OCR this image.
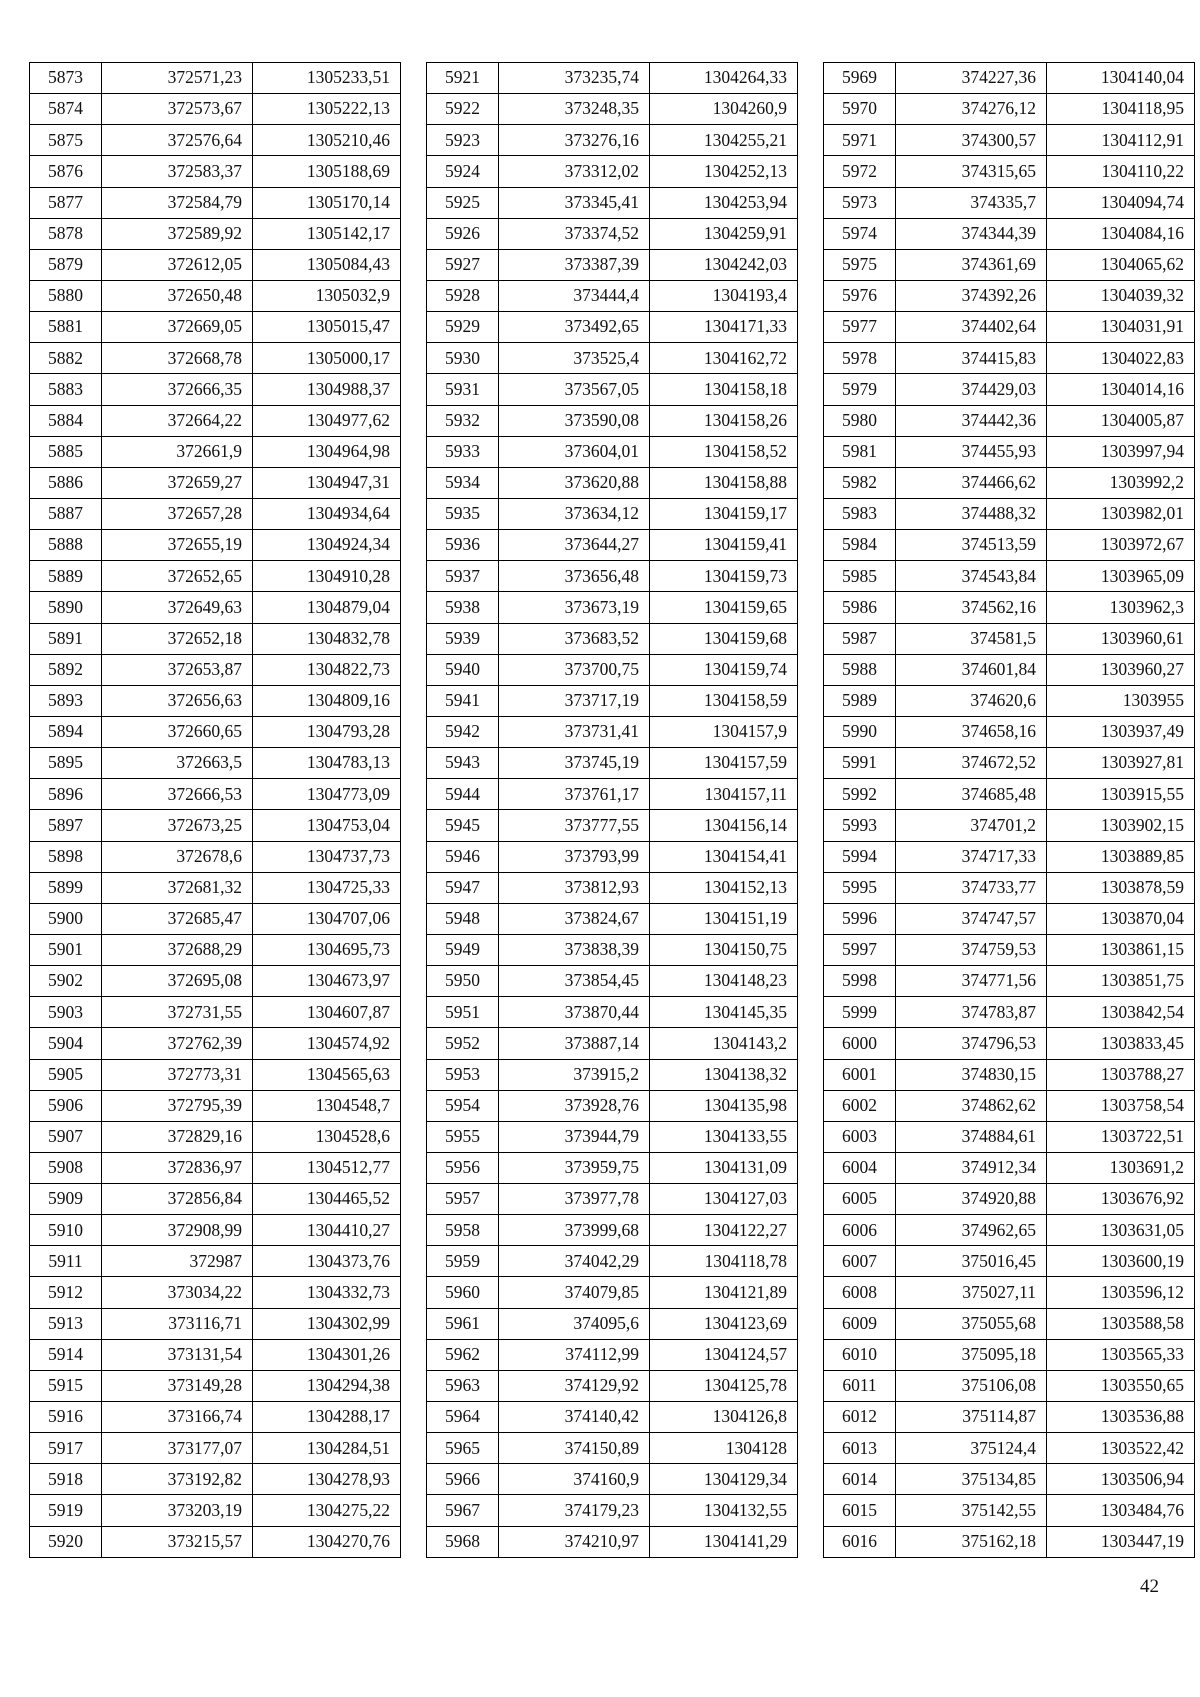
5873	372571,23	1305233,51
5874	372573,67	1305222,13
5875	372576,64	1305210,46
5876	372583,37	1305188,69
5877	372584,79	1305170,14
5878	372589,92	1305142,17
5879	372612,05	1305084,43
5880	372650,48	1305032,9
5881	372669,05	1305015,47
5882	372668,78	1305000,17
5883	372666,35	1304988,37
5884	372664,22	1304977,62
5885	372661,9	1304964,98
5886	372659,27	1304947,31
5887	372657,28	1304934,64
5888	372655,19	1304924,34
5889	372652,65	1304910,28
5890	372649,63	1304879,04
5891	372652,18	1304832,78
5892	372653,87	1304822,73
5893	372656,63	1304809,16
5894	372660,65	1304793,28
5895	372663,5	1304783,13
5896	372666,53	1304773,09
5897	372673,25	1304753,04
5898	372678,6	1304737,73
5899	372681,32	1304725,33
5900	372685,47	1304707,06
5901	372688,29	1304695,73
5902	372695,08	1304673,97
5903	372731,55	1304607,87
5904	372762,39	1304574,92
5905	372773,31	1304565,63
5906	372795,39	1304548,7
5907	372829,16	1304528,6
5908	372836,97	1304512,77
5909	372856,84	1304465,52
5910	372908,99	1304410,27
5911	372987	1304373,76
5912	373034,22	1304332,73
5913	373116,71	1304302,99
5914	373131,54	1304301,26
5915	373149,28	1304294,38
5916	373166,74	1304288,17
5917	373177,07	1304284,51
5918	373192,82	1304278,93
5919	373203,19	1304275,22
5920	373215,57	1304270,76
5921	373235,74	1304264,33
5922	373248,35	1304260,9
5923	373276,16	1304255,21
5924	373312,02	1304252,13
5925	373345,41	1304253,94
5926	373374,52	1304259,91
5927	373387,39	1304242,03
5928	373444,4	1304193,4
5929	373492,65	1304171,33
5930	373525,4	1304162,72
5931	373567,05	1304158,18
5932	373590,08	1304158,26
5933	373604,01	1304158,52
5934	373620,88	1304158,88
5935	373634,12	1304159,17
5936	373644,27	1304159,41
5937	373656,48	1304159,73
5938	373673,19	1304159,65
5939	373683,52	1304159,68
5940	373700,75	1304159,74
5941	373717,19	1304158,59
5942	373731,41	1304157,9
5943	373745,19	1304157,59
5944	373761,17	1304157,11
5945	373777,55	1304156,14
5946	373793,99	1304154,41
5947	373812,93	1304152,13
5948	373824,67	1304151,19
5949	373838,39	1304150,75
5950	373854,45	1304148,23
5951	373870,44	1304145,35
5952	373887,14	1304143,2
5953	373915,2	1304138,32
5954	373928,76	1304135,98
5955	373944,79	1304133,55
5956	373959,75	1304131,09
5957	373977,78	1304127,03
5958	373999,68	1304122,27
5959	374042,29	1304118,78
5960	374079,85	1304121,89
5961	374095,6	1304123,69
5962	374112,99	1304124,57
5963	374129,92	1304125,78
5964	374140,42	1304126,8
5965	374150,89	1304128
5966	374160,9	1304129,34
5967	374179,23	1304132,55
5968	374210,97	1304141,29
5969	374227,36	1304140,04
5970	374276,12	1304118,95
5971	374300,57	1304112,91
5972	374315,65	1304110,22
5973	374335,7	1304094,74
5974	374344,39	1304084,16
5975	374361,69	1304065,62
5976	374392,26	1304039,32
5977	374402,64	1304031,91
5978	374415,83	1304022,83
5979	374429,03	1304014,16
5980	374442,36	1304005,87
5981	374455,93	1303997,94
5982	374466,62	1303992,2
5983	374488,32	1303982,01
5984	374513,59	1303972,67
5985	374543,84	1303965,09
5986	374562,16	1303962,3
5987	374581,5	1303960,61
5988	374601,84	1303960,27
5989	374620,6	1303955
5990	374658,16	1303937,49
5991	374672,52	1303927,81
5992	374685,48	1303915,55
5993	374701,2	1303902,15
5994	374717,33	1303889,85
5995	374733,77	1303878,59
5996	374747,57	1303870,04
5997	374759,53	1303861,15
5998	374771,56	1303851,75
5999	374783,87	1303842,54
6000	374796,53	1303833,45
6001	374830,15	1303788,27
6002	374862,62	1303758,54
6003	374884,61	1303722,51
6004	374912,34	1303691,2
6005	374920,88	1303676,92
6006	374962,65	1303631,05
6007	375016,45	1303600,19
6008	375027,11	1303596,12
6009	375055,68	1303588,58
6010	375095,18	1303565,33
6011	375106,08	1303550,65
6012	375114,87	1303536,88
6013	375124,4	1303522,42
6014	375134,85	1303506,94
6015	375142,55	1303484,76
6016	375162,18	1303447,19
42
